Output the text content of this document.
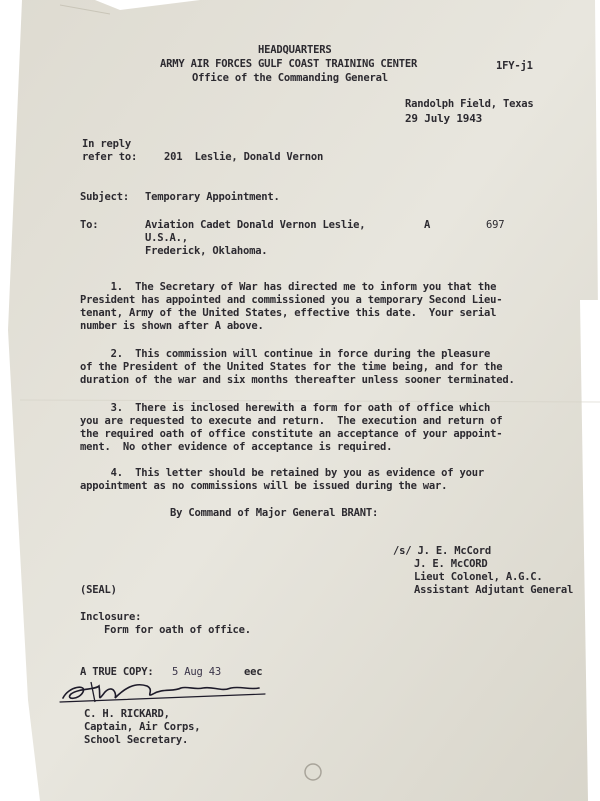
HEADQUARTERS
ARMY AIR FORCES GULF COAST TRAINING CENTER
Office of the Commanding General
1FY-j1
Randolph Field, Texas
29 July 1943
In reply
refer to:	201  Leslie, Donald Vernon
Subject: Temporary Appointment.
To:	Aviation Cadet Donald Vernon Leslie,	A	697
U.S.A.,
Frederick, Oklahoma.
1.  The Secretary of War has directed me to inform you that the
President has appointed and commissioned you a temporary Second Lieu-
tenant, Army of the United States, effective this date.  Your serial
number is shown after A above.
2.  This commission will continue in force during the pleasure
of the President of the United States for the time being, and for the
duration of the war and six months thereafter unless sooner terminated.
3.  There is inclosed herewith a form for oath of office which
you are requested to execute and return.  The execution and return of
the required oath of office constitute an acceptance of your appoint-
ment.  No other evidence of acceptance is required.
4.  This letter should be retained by you as evidence of your
appointment as no commissions will be issued during the war.
By Command of Major General BRANT:
/s/ J. E. McCord
J. E. McCORD
Lieut Colonel, A.G.C.
Assistant Adjutant General
(SEAL)
Inclosure:
Form for oath of office.
A TRUE COPY: 5 Aug 43 eec
C. H. RICKARD,
Captain, Air Corps,
School Secretary.
